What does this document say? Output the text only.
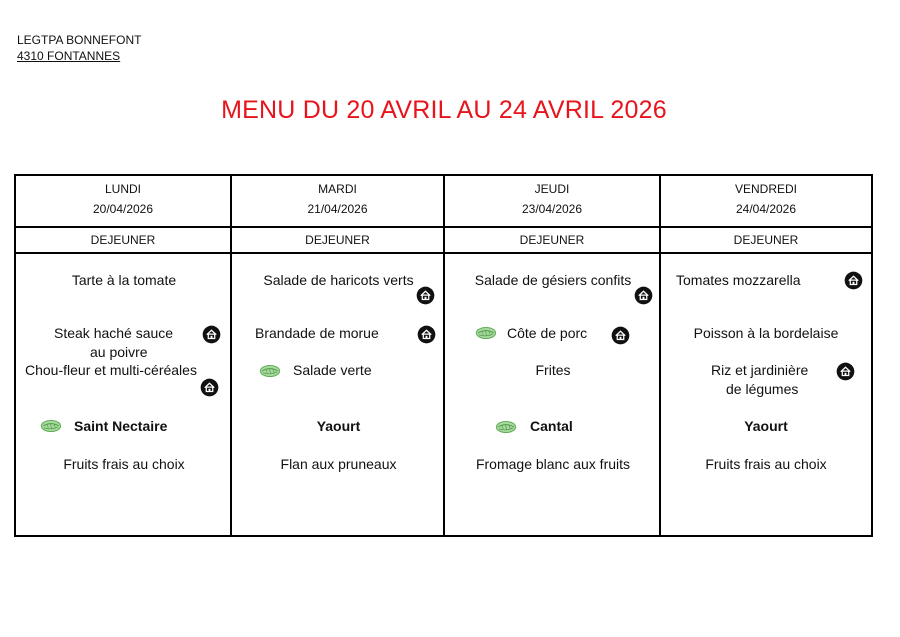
LEGTPA BONNEFONT
4310 FONTANNES
MENU DU 20 AVRIL AU 24 AVRIL 2026
LUNDI
20/04/2026
DEJEUNER
Tarte à la tomate
Steak haché sauce
au poivre
Chou-fleur et multi-céréales
Saint Nectaire
Fruits frais au choix
MARDI
21/04/2026
DEJEUNER
Salade de haricots verts
Brandade de morue
Salade verte
Yaourt
Flan aux pruneaux
JEUDI
23/04/2026
DEJEUNER
Salade de gésiers confits
Côte de porc
Frites
Cantal
Fromage blanc aux fruits
VENDREDI
24/04/2026
DEJEUNER
Tomates mozzarella
Poisson à la bordelaise
Riz et jardinière
de légumes
Yaourt
Fruits frais au choix
